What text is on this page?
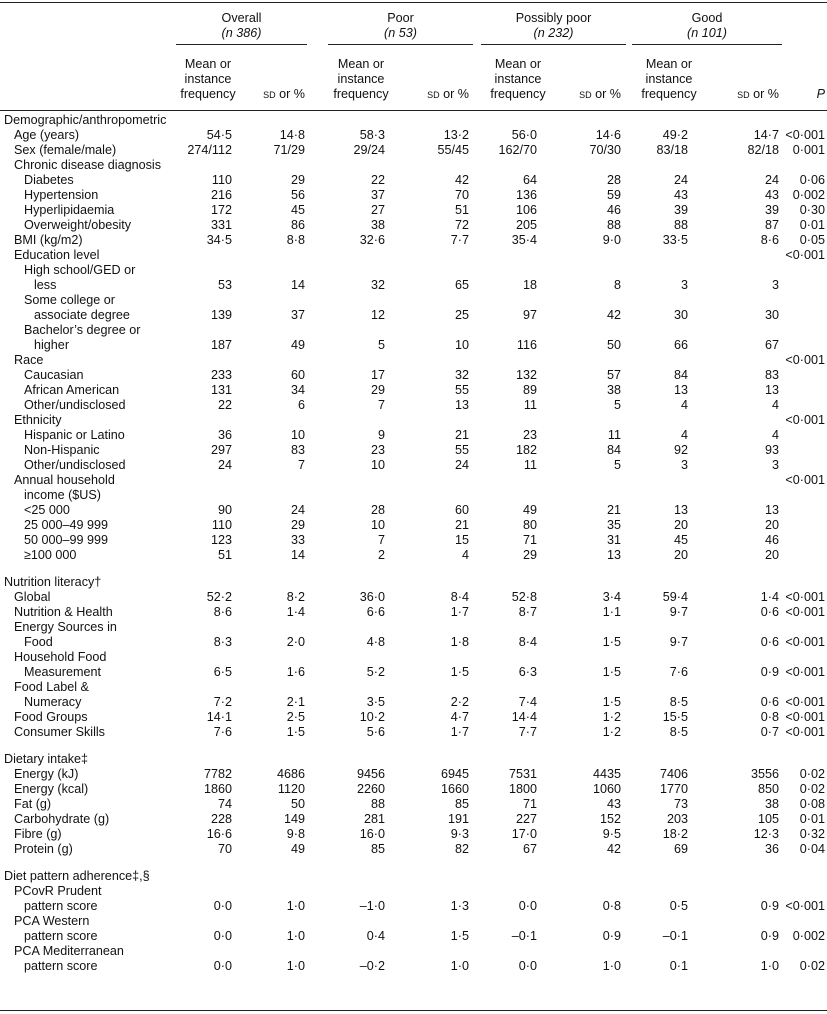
Overall
(n 386)
Poor
(n 53)
Possibly poor
(n 232)
Good
(n 101)
Mean or
instance
frequency	sd or %
Mean or
instance
frequency	sd or %
Mean or
instance
frequency	sd or %
Mean or
instance
frequency	sd or %	P
Demographic/anthropometric
Age (years)	54·5	14·8	58·3	13·2	56·0	14·6	49·2	14·7 <0·001
Sex (female/male)	274/112	71/29	29/24	55/45	162/70	70/30	83/18	82/18	0·001
Chronic disease diagnosis
Diabetes	110	29	22	42	64	28	24	24	0·06
Hypertension	216	56	37	70	136	59	43	43	0·002
Hyperlipidaemia	172	45	27	51	106	46	39	39	0·30
Overweight/obesity	331	86	38	72	205	88	88	87	0·01
BMI (kg/m2)	34·5	8·8	32·6	7·7	35·4	9·0	33·5	8·6	0·05
Education level	<0·001
High school/GED or
less	53	14	32	65	18	8	3	3
Some college or
associate degree	139	37	12	25	97	42	30	30
Bachelor’s degree or
higher	187	49	5	10	116	50	66	67
Race	<0·001
Caucasian	233	60	17	32	132	57	84	83
African American	131	34	29	55	89	38	13	13
Other/undisclosed	22	6	7	13	11	5	4	4
Ethnicity	<0·001
Hispanic or Latino	36	10	9	21	23	11	4	4
Non-Hispanic	297	83	23	55	182	84	92	93
Other/undisclosed	24	7	10	24	11	5	3	3
Annual household
income ($US)
<0·001
<25 000	90	24	28	60	49	21	13	13
25 000–49 999	110	29	10	21	80	35	20	20
50 000–99 999	123	33	7	15	71	31	45	46
≥100 000	51	14	2	4	29	13	20	20
Nutrition literacy†
Global	52·2	8·2	36·0	8·4	52·8	3·4	59·4	1·4 <0·001
Nutrition & Health	8·6	1·4	6·6	1·7	8·7	1·1	9·7	0·6 <0·001
Energy Sources in
Food	8·3	2·0	4·8	1·8	8·4	1·5	9·7	0·6 <0·001
Household Food
Measurement	6·5	1·6	5·2	1·5	6·3	1·5	7·6	0·9 <0·001
Food Label &
Numeracy	7·2	2·1	3·5	2·2	7·4	1·5	8·5	0·6 <0·001
Food Groups	14·1	2·5	10·2	4·7	14·4	1·2	15·5	0·8 <0·001
Consumer Skills	7·6	1·5	5·6	1·7	7·7	1·2	8·5	0·7 <0·001
Dietary intake‡
Energy (kJ)	7782	4686	9456	6945	7531	4435	7406	3556	0·02
Energy (kcal)	1860	1120	2260	1660	1800	1060	1770	850	0·02
Fat (g)	74	50	88	85	71	43	73	38	0·08
Carbohydrate (g)	228	149	281	191	227	152	203	105	0·01
Fibre (g)	16·6	9·8	16·0	9·3	17·0	9·5	18·2	12·3	0·32
Protein (g)	70	49	85	82	67	42	69	36	0·04
Diet pattern adherence‡,§
PCovR Prudent
pattern score	0·0	1·0	–1·0	1·3	0·0	0·8	0·5	0·9 <0·001
PCA Western
pattern score	0·0	1·0	0·4	1·5	–0·1	0·9	–0·1	0·9	0·002
PCA Mediterranean
pattern score	0·0	1·0	–0·2	1·0	0·0	1·0	0·1	1·0	0·02
